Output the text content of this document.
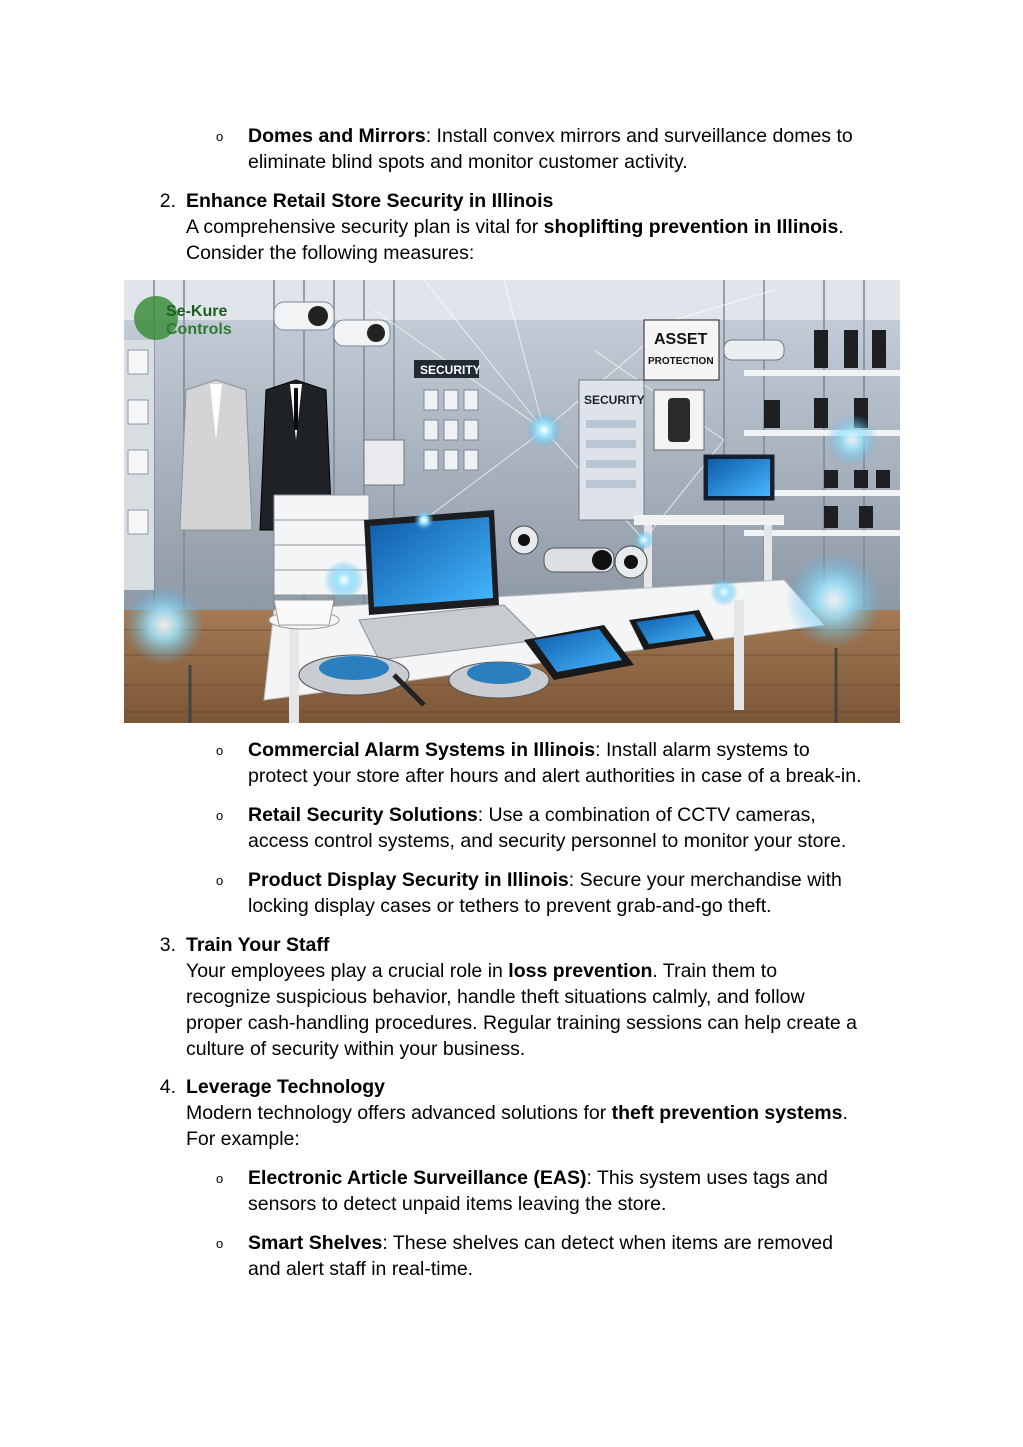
o Domes and Mirrors: Install convex mirrors and surveillance domes to
eliminate blind spots and monitor customer activity.
2. Enhance Retail Store Security in Illinois
A comprehensive security plan is vital for shoplifting prevention in Illinois.
Consider the following measures:
Se-Kure
Controls
SECURITY
SECURITY
ASSET
PROTECTION
o Commercial Alarm Systems in Illinois: Install alarm systems to
protect your store after hours and alert authorities in case of a break-in.
o Retail Security Solutions: Use a combination of CCTV cameras,
access control systems, and security personnel to monitor your store.
o Product Display Security in Illinois: Secure your merchandise with
locking display cases or tethers to prevent grab-and-go theft.
3. Train Your Staff
Your employees play a crucial role in loss prevention. Train them to
recognize suspicious behavior, handle theft situations calmly, and follow
proper cash-handling procedures. Regular training sessions can help create a
culture of security within your business.
4. Leverage Technology
Modern technology offers advanced solutions for theft prevention systems.
For example:
o Electronic Article Surveillance (EAS): This system uses tags and
sensors to detect unpaid items leaving the store.
o Smart Shelves: These shelves can detect when items are removed
and alert staff in real-time.
